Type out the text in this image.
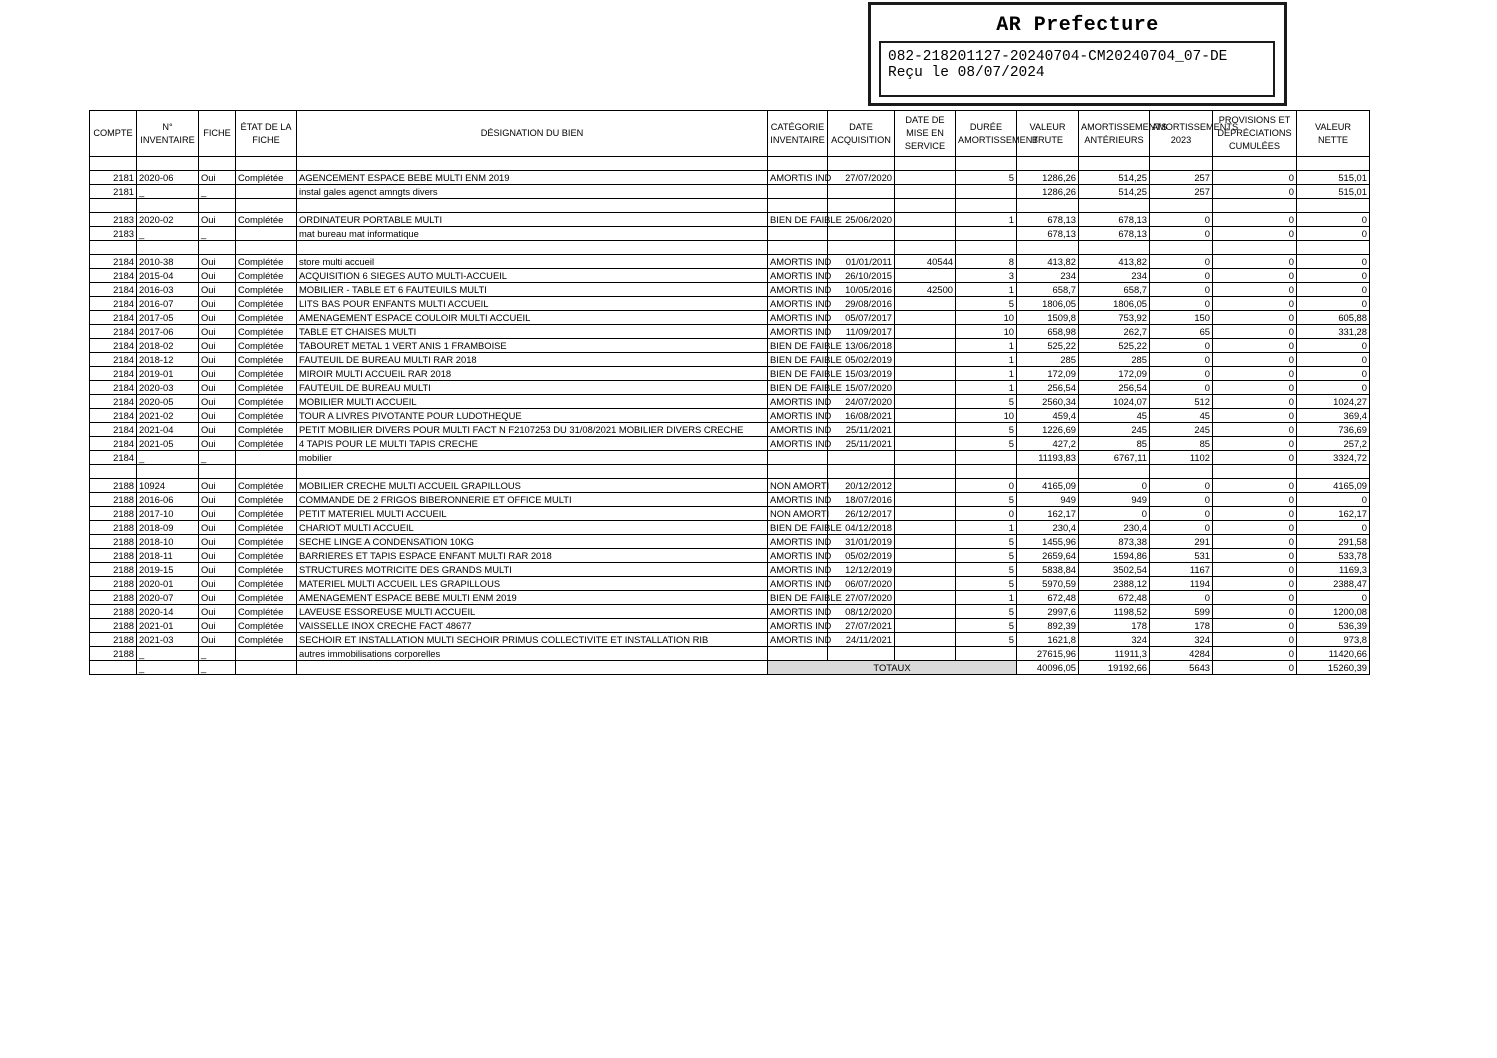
AR Prefecture
082-218201127-20240704-CM20240704_07-DE
Reçu le 08/07/2024
COMPTE	N° INVENTAIRE	FICHE	ÉTAT DE LA FICHE	DÉSIGNATION DU BIEN	CATÉGORIE INVENTAIRE	DATE ACQUISITION	DATE DE MISE EN SERVICE	DURÉE AMORTISSEMENT	VALEUR BRUTE	AMORTISSEMENTS ANTÉRIEURS	AMORTISSEMENTS 2023	PROVISIONS ET DÉPRÉCIATIONS CUMULÉES	VALEUR NETTE

2181	2020-06	Oui	Complétée	AGENCEMENT ESPACE BEBE MULTI ENM 2019	AMORTIS IND	27/07/2020		5	1286,26	514,25	257	0	515,01
2181	_	_		instal gales agenct amngts divers					1286,26	514,25	257	0	515,01

2183	2020-02	Oui	Complétée	ORDINATEUR PORTABLE MULTI	BIEN DE FAIBLE	25/06/2020		1	678,13	678,13	0	0	0
2183	_	_		mat bureau mat informatique					678,13	678,13	0	0	0

2184	2010-38	Oui	Complétée	store multi accueil	AMORTIS IND	01/01/2011	40544	8	413,82	413,82	0	0	0
2184	2015-04	Oui	Complétée	ACQUISITION 6 SIEGES AUTO MULTI-ACCUEIL	AMORTIS IND	26/10/2015		3	234	234	0	0	0
2184	2016-03	Oui	Complétée	MOBILIER - TABLE ET 6 FAUTEUILS MULTI	AMORTIS IND	10/05/2016	42500	1	658,7	658,7	0	0	0
2184	2016-07	Oui	Complétée	LITS BAS POUR ENFANTS MULTI ACCUEIL	AMORTIS IND	29/08/2016		5	1806,05	1806,05	0	0	0
2184	2017-05	Oui	Complétée	AMENAGEMENT ESPACE COULOIR MULTI ACCUEIL	AMORTIS IND	05/07/2017		10	1509,8	753,92	150	0	605,88
2184	2017-06	Oui	Complétée	TABLE ET CHAISES MULTI	AMORTIS IND	11/09/2017		10	658,98	262,7	65	0	331,28
2184	2018-02	Oui	Complétée	TABOURET METAL 1 VERT ANIS 1 FRAMBOISE	BIEN DE FAIBLE	13/06/2018		1	525,22	525,22	0	0	0
2184	2018-12	Oui	Complétée	FAUTEUIL DE BUREAU MULTI RAR 2018	BIEN DE FAIBLE	05/02/2019		1	285	285	0	0	0
2184	2019-01	Oui	Complétée	MIROIR MULTI ACCUEIL RAR 2018	BIEN DE FAIBLE	15/03/2019		1	172,09	172,09	0	0	0
2184	2020-03	Oui	Complétée	FAUTEUIL DE BUREAU MULTI	BIEN DE FAIBLE	15/07/2020		1	256,54	256,54	0	0	0
2184	2020-05	Oui	Complétée	MOBILIER MULTI ACCUEIL	AMORTIS IND	24/07/2020		5	2560,34	1024,07	512	0	1024,27
2184	2021-02	Oui	Complétée	TOUR A LIVRES PIVOTANTE POUR LUDOTHEQUE	AMORTIS IND	16/08/2021		10	459,4	45	45	0	369,4
2184	2021-04	Oui	Complétée	PETIT MOBILIER DIVERS POUR MULTI FACT N F2107253 DU 31/08/2021 MOBILIER DIVERS CRECHE	AMORTIS IND	25/11/2021		5	1226,69	245	245	0	736,69
2184	2021-05	Oui	Complétée	4 TAPIS POUR LE MULTI TAPIS CRECHE	AMORTIS IND	25/11/2021		5	427,2	85	85	0	257,2
2184	_	_		mobilier					11193,83	6767,11	1102	0	3324,72

2188	10924	Oui	Complétée	MOBILIER CRECHE MULTI ACCUEIL GRAPILLOUS	NON AMORTI	20/12/2012		0	4165,09	0	0	0	4165,09
2188	2016-06	Oui	Complétée	COMMANDE DE 2 FRIGOS BIBERONNERIE ET OFFICE MULTI	AMORTIS IND	18/07/2016		5	949	949	0	0	0
2188	2017-10	Oui	Complétée	PETIT MATERIEL MULTI ACCUEIL	NON AMORTI	26/12/2017		0	162,17	0	0	0	162,17
2188	2018-09	Oui	Complétée	CHARIOT MULTI ACCUEIL	BIEN DE FAIBLE	04/12/2018		1	230,4	230,4	0	0	0
2188	2018-10	Oui	Complétée	SECHE LINGE A CONDENSATION 10KG	AMORTIS IND	31/01/2019		5	1455,96	873,38	291	0	291,58
2188	2018-11	Oui	Complétée	BARRIERES ET TAPIS ESPACE ENFANT MULTI RAR 2018	AMORTIS IND	05/02/2019		5	2659,64	1594,86	531	0	533,78
2188	2019-15	Oui	Complétée	STRUCTURES MOTRICITE DES GRANDS MULTI	AMORTIS IND	12/12/2019		5	5838,84	3502,54	1167	0	1169,3
2188	2020-01	Oui	Complétée	MATERIEL MULTI ACCUEIL LES GRAPILLOUS	AMORTIS IND	06/07/2020		5	5970,59	2388,12	1194	0	2388,47
2188	2020-07	Oui	Complétée	AMENAGEMENT ESPACE BEBE MULTI ENM 2019	BIEN DE FAIBLE	27/07/2020		1	672,48	672,48	0	0	0
2188	2020-14	Oui	Complétée	LAVEUSE ESSOREUSE MULTI ACCUEIL	AMORTIS IND	08/12/2020		5	2997,6	1198,52	599	0	1200,08
2188	2021-01	Oui	Complétée	VAISSELLE INOX CRECHE FACT 48677	AMORTIS IND	27/07/2021		5	892,39	178	178	0	536,39
2188	2021-03	Oui	Complétée	SECHOIR ET INSTALLATION MULTI SECHOIR PRIMUS COLLECTIVITE ET INSTALLATION RIB	AMORTIS IND	24/11/2021		5	1621,8	324	324	0	973,8
2188	_	_		autres immobilisations corporelles					27615,96	11911,3	4284	0	11420,66
	_	_			TOTAUX				40096,05	19192,66	5643	0	15260,39
